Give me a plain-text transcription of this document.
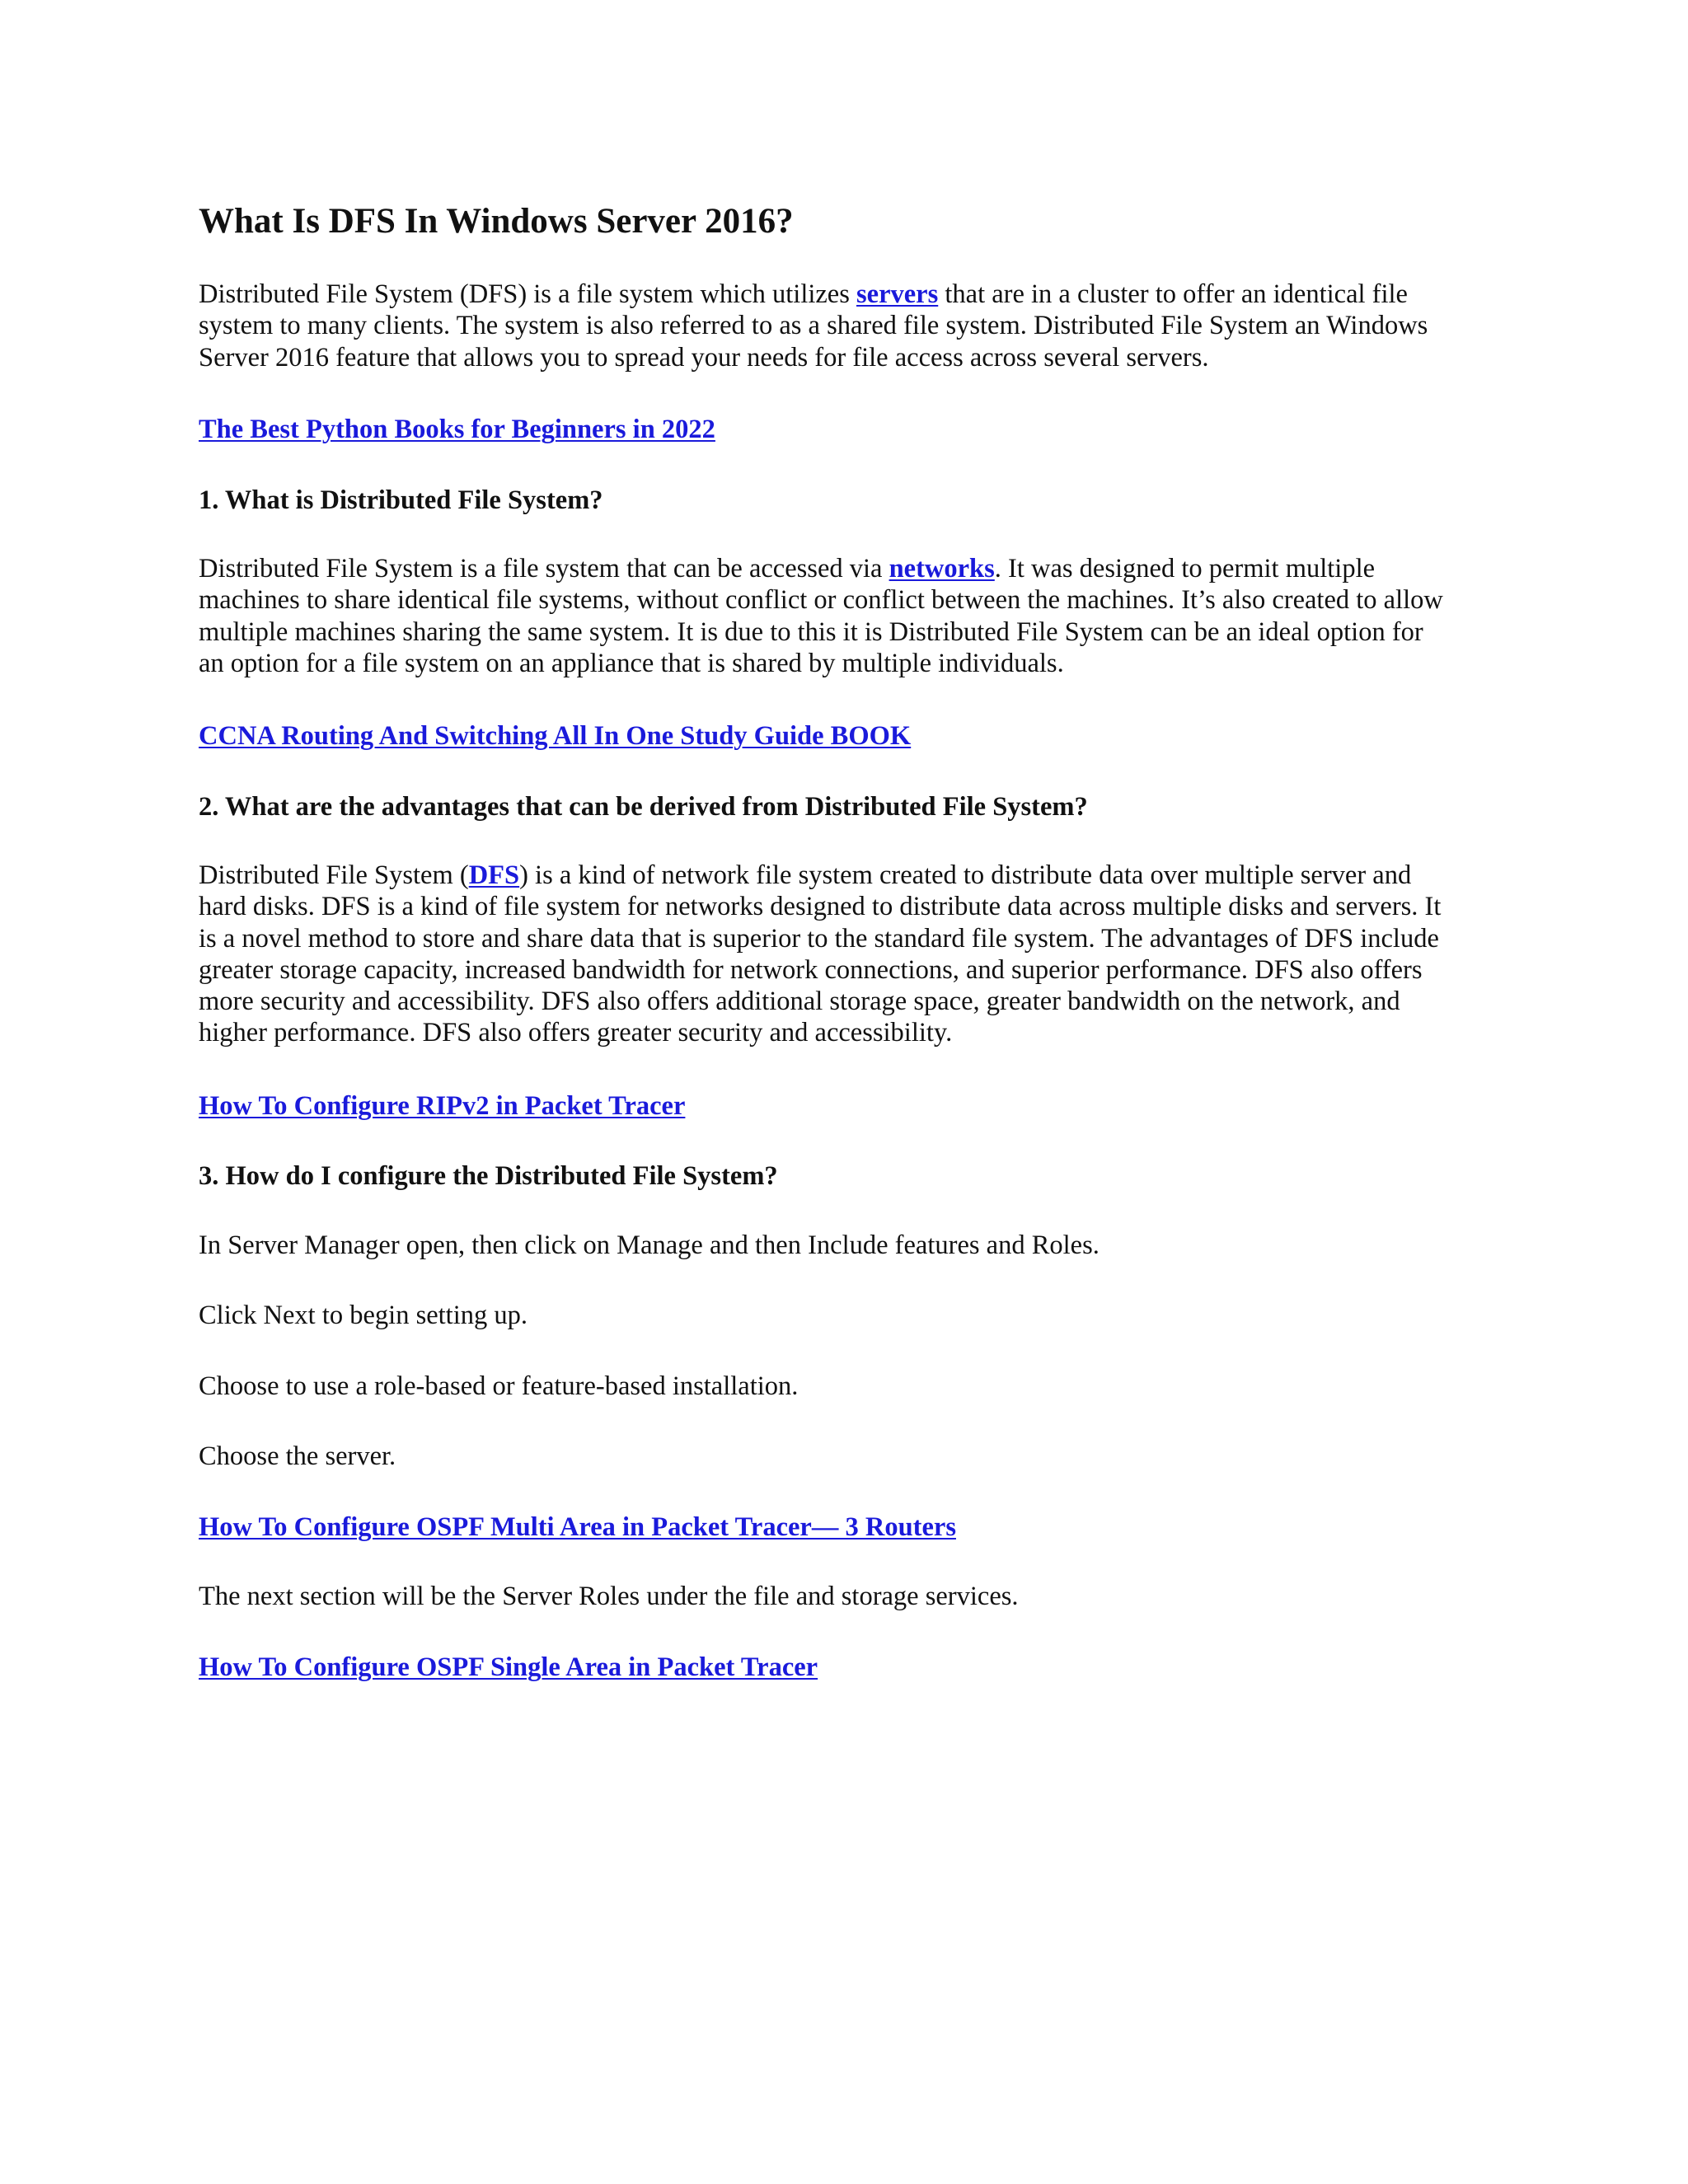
What Is DFS In Windows Server 2016?

Distributed File System (DFS) is a file system which utilizes servers that are in a cluster to offer an identical file
system to many clients. The system is also referred to as a shared file system. Distributed File System an Windows
Server 2016 feature that allows you to spread your needs for file access across several servers.

The Best Python Books for Beginners in 2022

1. What is Distributed File System?

Distributed File System is a file system that can be accessed via networks. It was designed to permit multiple
machines to share identical file systems, without conflict or conflict between the machines. It’s also created to allow
multiple machines sharing the same system. It is due to this it is Distributed File System can be an ideal option for
an option for a file system on an appliance that is shared by multiple individuals.

CCNA Routing And Switching All In One Study Guide BOOK

2. What are the advantages that can be derived from Distributed File System?

Distributed File System (DFS) is a kind of network file system created to distribute data over multiple server and
hard disks. DFS is a kind of file system for networks designed to distribute data across multiple disks and servers. It
is a novel method to store and share data that is superior to the standard file system. The advantages of DFS include
greater storage capacity, increased bandwidth for network connections, and superior performance. DFS also offers
more security and accessibility. DFS also offers additional storage space, greater bandwidth on the network, and
higher performance. DFS also offers greater security and accessibility.

How To Configure RIPv2 in Packet Tracer

3. How do I configure the Distributed File System?

In Server Manager open, then click on Manage and then Include features and Roles.

Click Next to begin setting up.

Choose to use a role-based or feature-based installation.

Choose the server.

How To Configure OSPF Multi Area in Packet Tracer— 3 Routers

The next section will be the Server Roles under the file and storage services.

How To Configure OSPF Single Area in Packet Tracer
